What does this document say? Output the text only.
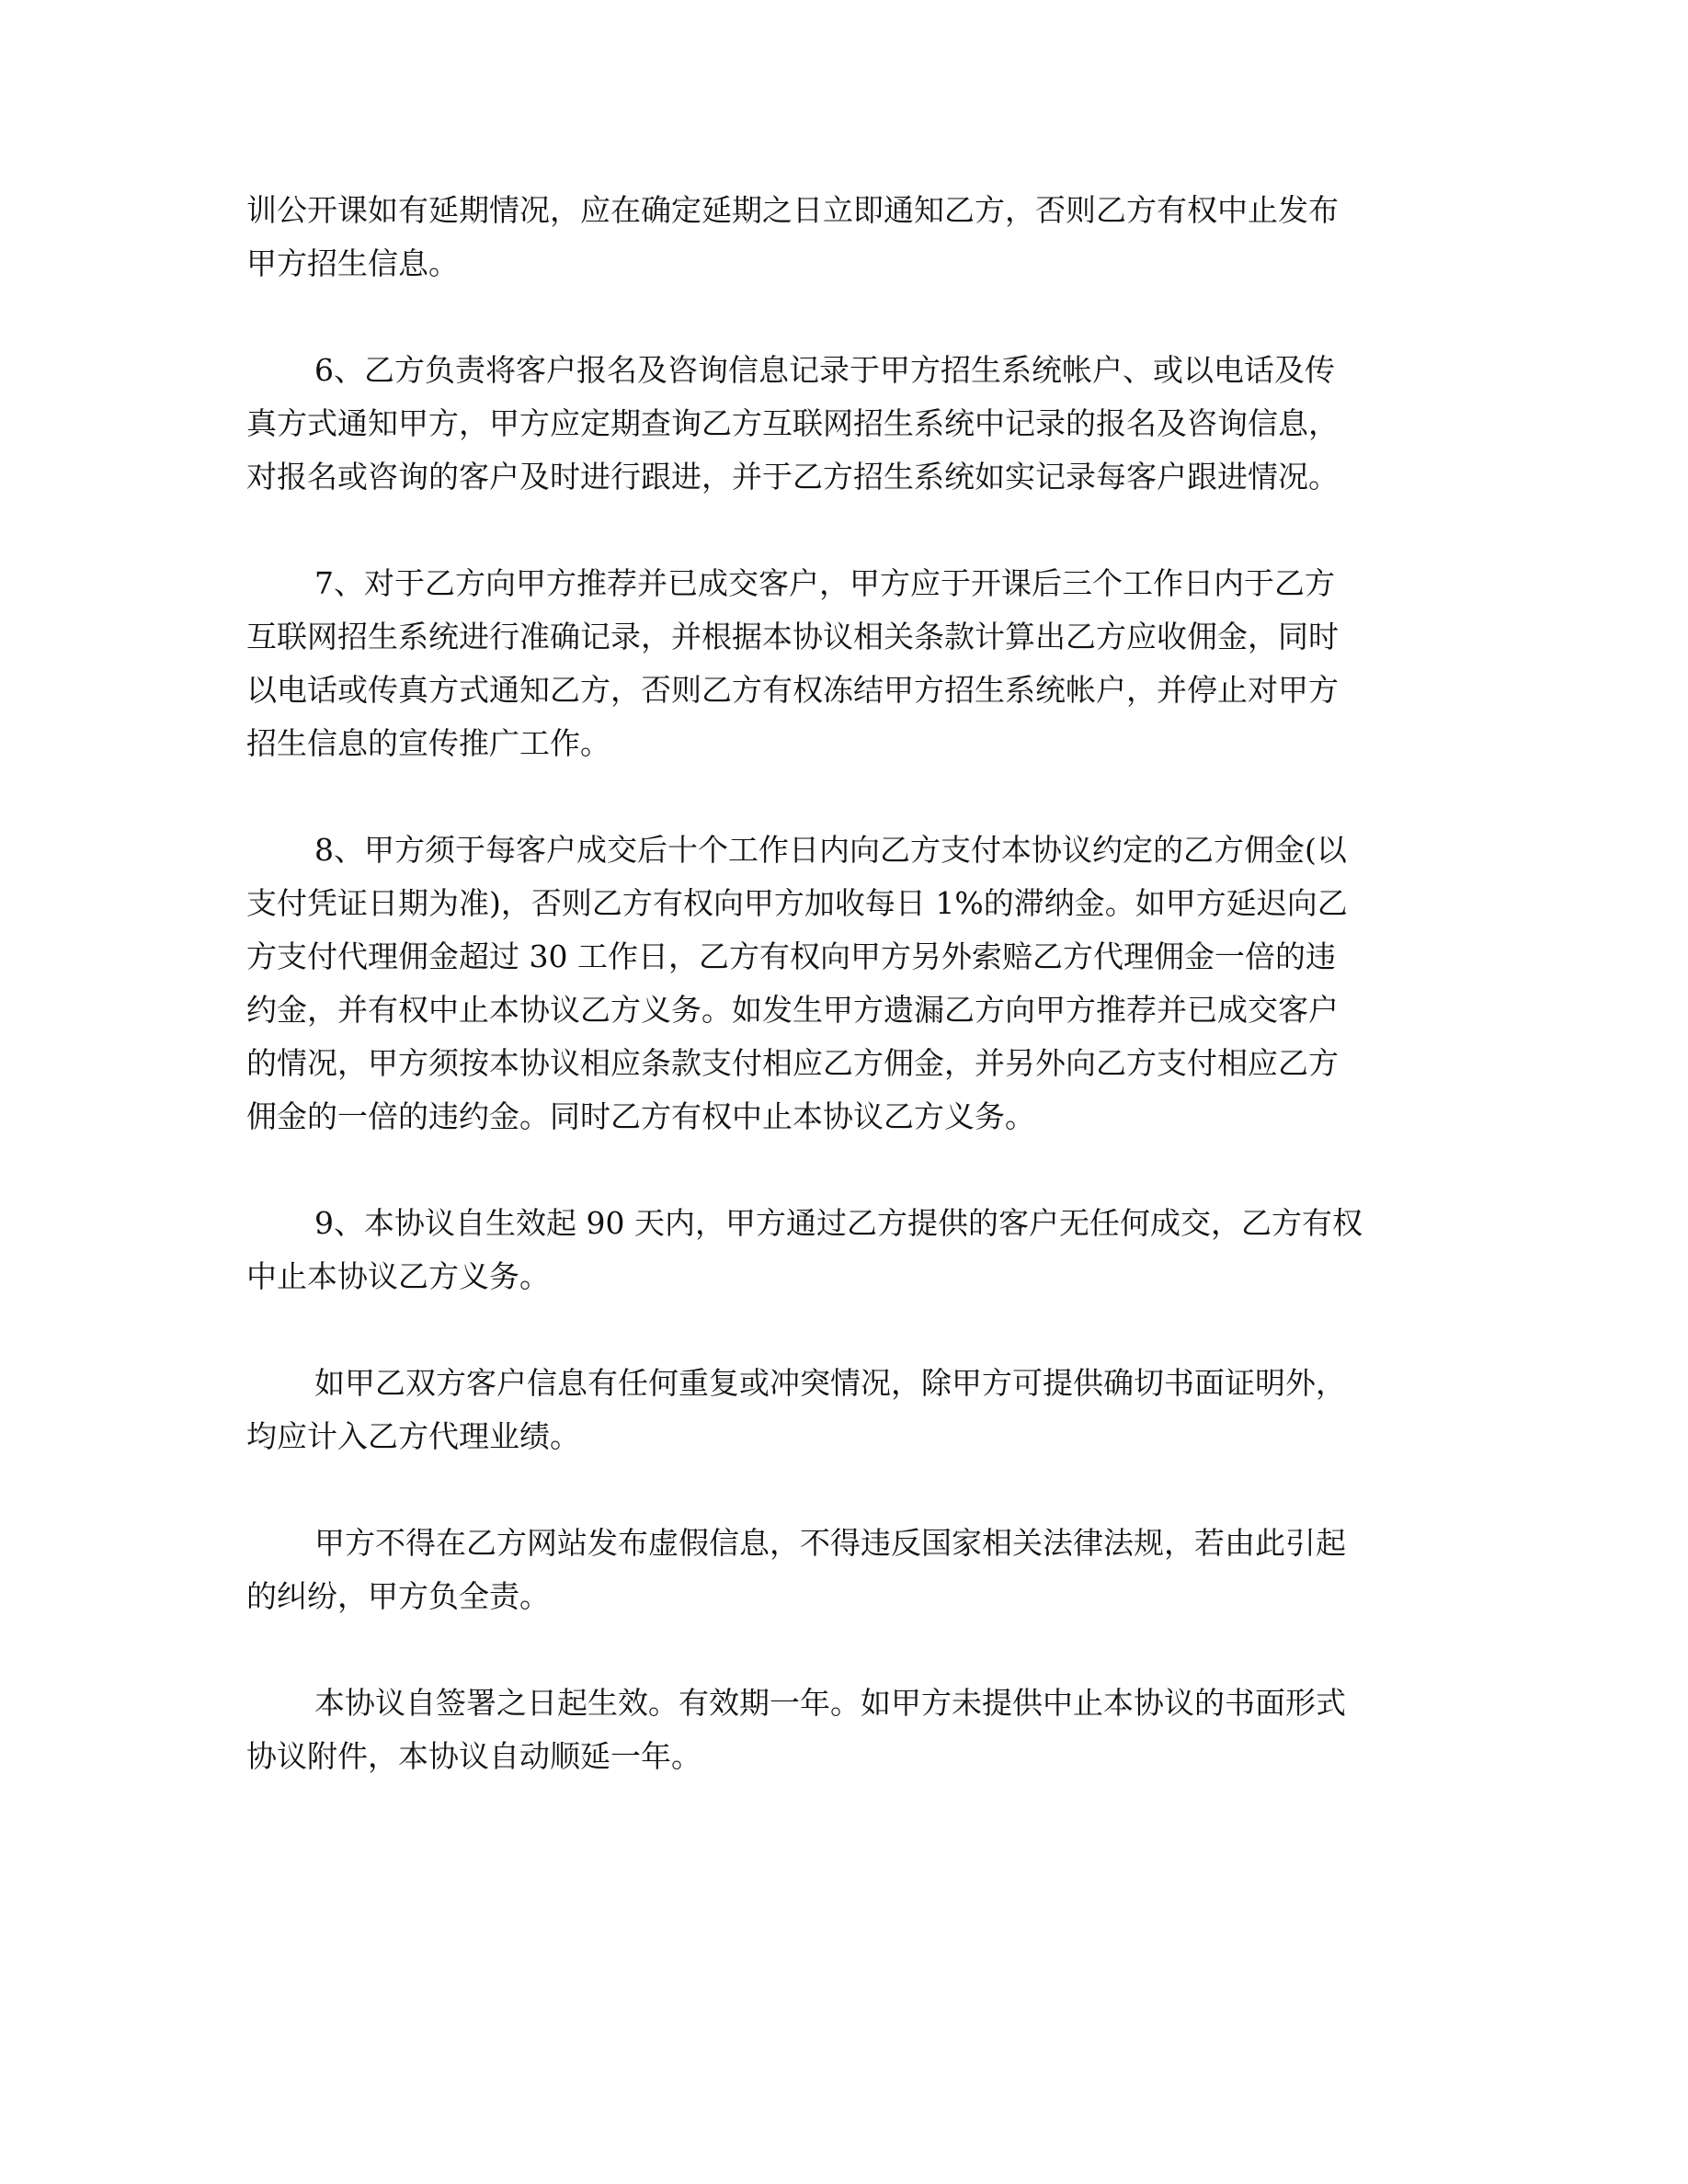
训公开课如有延期情况，应在确定延期之日立即通知乙方，否则乙方有权中止发布
甲方招生信息。
6、乙方负责将客户报名及咨询信息记录于甲方招生系统帐户、或以电话及传
真方式通知甲方，甲方应定期查询乙方互联网招生系统中记录的报名及咨询信息，
对报名或咨询的客户及时进行跟进，并于乙方招生系统如实记录每客户跟进情况。
7、对于乙方向甲方推荐并已成交客户，甲方应于开课后三个工作日内于乙方
互联网招生系统进行准确记录，并根据本协议相关条款计算出乙方应收佣金，同时
以电话或传真方式通知乙方，否则乙方有权冻结甲方招生系统帐户，并停止对甲方
招生信息的宣传推广工作。
8、甲方须于每客户成交后十个工作日内向乙方支付本协议约定的乙方佣金(以
支付凭证日期为准)，否则乙方有权向甲方加收每日 1%的滞纳金。如甲方延迟向乙
方支付代理佣金超过 30 工作日，乙方有权向甲方另外索赔乙方代理佣金一倍的违
约金，并有权中止本协议乙方义务。如发生甲方遗漏乙方向甲方推荐并已成交客户
的情况，甲方须按本协议相应条款支付相应乙方佣金，并另外向乙方支付相应乙方
佣金的一倍的违约金。同时乙方有权中止本协议乙方义务。
9、本协议自生效起 90 天内，甲方通过乙方提供的客户无任何成交，乙方有权
中止本协议乙方义务。
如甲乙双方客户信息有任何重复或冲突情况，除甲方可提供确切书面证明外，
均应计入乙方代理业绩。
甲方不得在乙方网站发布虚假信息，不得违反国家相关法律法规，若由此引起
的纠纷，甲方负全责。
本协议自签署之日起生效。有效期一年。如甲方未提供中止本协议的书面形式
协议附件，本协议自动顺延一年。
